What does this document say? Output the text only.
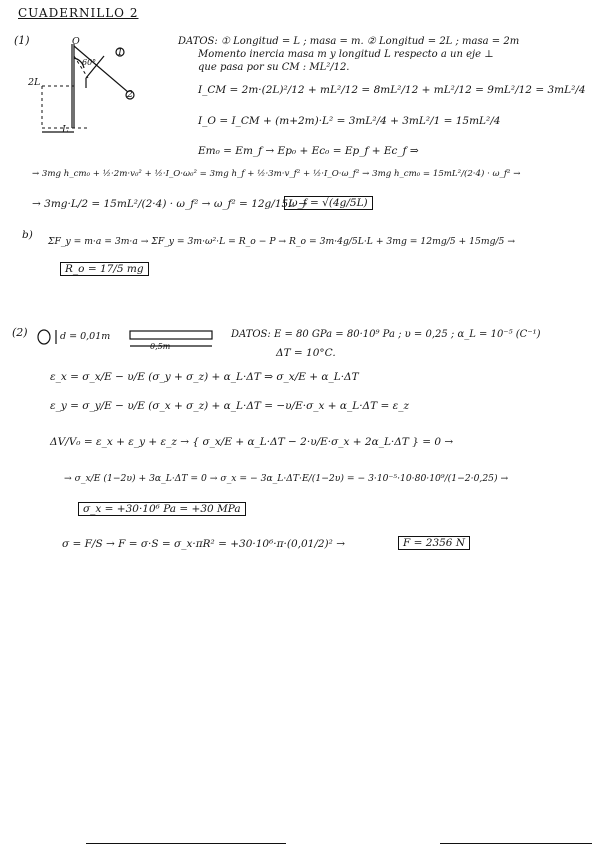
CUADERNILLO 2
(1)	O
1
2
60°
2L
L
DATOS: ① Longitud = L ; masa = m. ② Longitud = 2L ; masa = 2m
Momento inercia masa m y longitud L respecto a un eje ⊥
que pasa por su CM : ML²/12.
I_CM = 2m·(2L)²/12 + mL²/12 = 8mL²/12 + mL²/12 = 9mL²/12 = 3mL²/4
I_O = I_CM + (m+2m)·L² = 3mL²/4 + 3mL²/1 = 15mL²/4
Em₀ = Em_f → Ep₀ + Ec₀ = Ep_f + Ec_f ⇒
→ 3mg h_cm₀ + ½·2m·v₀² + ½·I_O·ω₀² = 3mg h_f + ½·3m·v_f² + ½·I_O·ω_f² → 3mg h_cm₀ = 15mL²/(2·4) · ω_f² →
→ 3mg·L/2 = 15mL²/(2·4) · ω_f² → ω_f² = 12g/15L →
ω_f = √(4g/5L)
b)
ΣF_y = m·a = 3m·a → ΣF_y = 3m·ω²·L = R_o − P → R_o = 3m·4g/5L·L + 3mg = 12mg/5 + 15mg/5 →
R_o = 17/5 mg
(2)	d = 0,01m
0,5m
DATOS: E = 80 GPa = 80·10⁹ Pa ; υ = 0,25 ; α_L = 10⁻⁵ (C⁻¹)
ΔT = 10°C.
ε_x = σ_x/E − υ/E (σ_y + σ_z) + α_L·ΔT ⇒ σ_x/E + α_L·ΔT
ε_y = σ_y/E − υ/E (σ_x + σ_z) + α_L·ΔT = −υ/E·σ_x + α_L·ΔT = ε_z
ΔV/V₀ = ε_x + ε_y + ε_z → { σ_x/E + α_L·ΔT − 2·υ/E·σ_x + 2α_L·ΔT } = 0 →
→ σ_x/E (1−2υ) + 3α_L·ΔT = 0 → σ_x = − 3α_L·ΔT·E/(1−2υ) = − 3·10⁻⁵·10·80·10⁹/(1−2·0,25) →
σ_x = +30·10⁶ Pa = +30 MPa
σ = F/S → F = σ·S = σ_x·πR² = +30·10⁶·π·(0,01/2)² →	F = 2356 N
